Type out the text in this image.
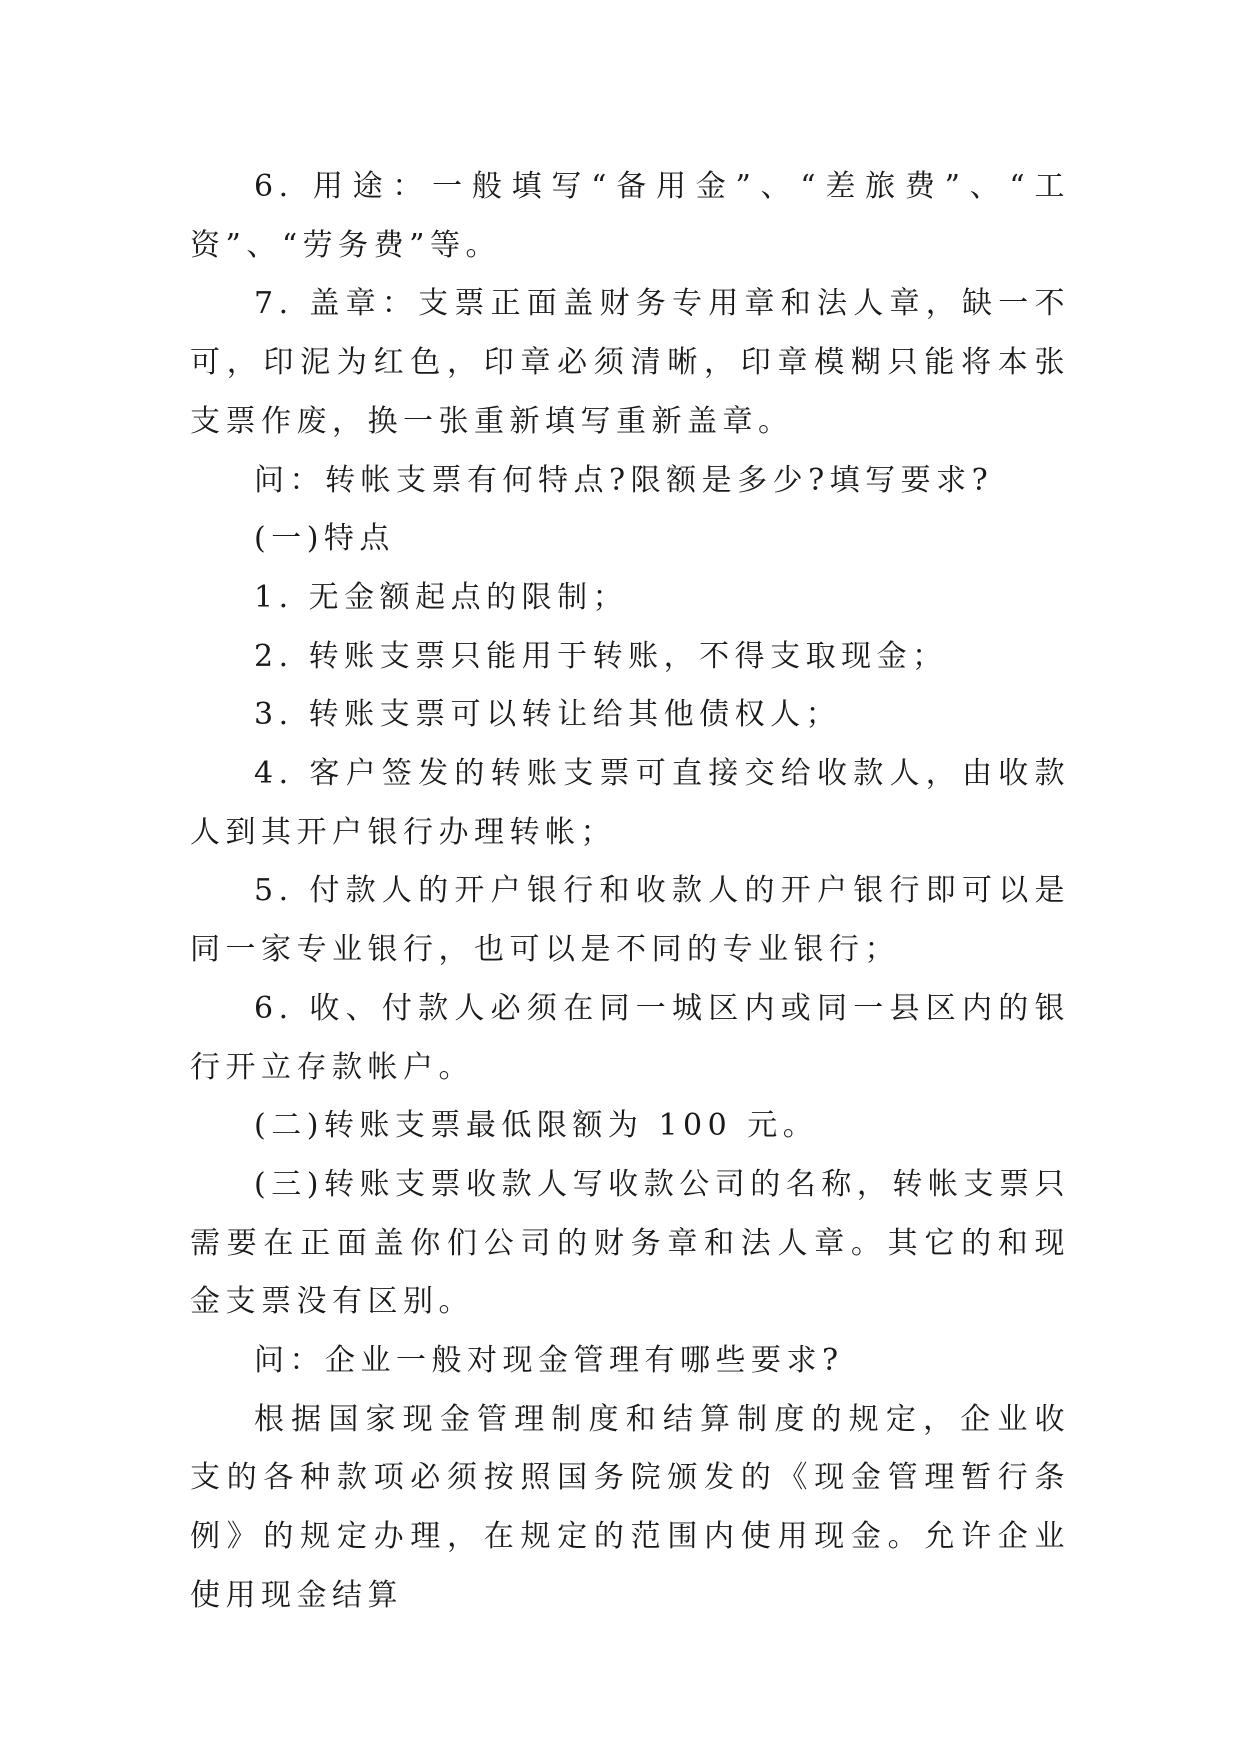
6. 用途：一般填写“备用金”、“差旅费”、“工资”、“劳务费”等。

7. 盖章：支票正面盖财务专用章和法人章，缺一不可，印泥为红色，印章必须清晰，印章模糊只能将本张支票作废，换一张重新填写重新盖章。

问：转帐支票有何特点?限额是多少?填写要求?

(一)特点

1. 无金额起点的限制；

2. 转账支票只能用于转账，不得支取现金；

3. 转账支票可以转让给其他债权人；

4. 客户签发的转账支票可直接交给收款人，由收款人到其开户银行办理转帐；

5. 付款人的开户银行和收款人的开户银行即可以是同一家专业银行，也可以是不同的专业银行；

6. 收、付款人必须在同一城区内或同一县区内的银行开立存款帐户。

(二)转账支票最低限额为 100 元。

(三)转账支票收款人写收款公司的名称，转帐支票只需要在正面盖你们公司的财务章和法人章。其它的和现金支票没有区别。

问：企业一般对现金管理有哪些要求?

根据国家现金管理制度和结算制度的规定，企业收支的各种款项必须按照国务院颁发的《现金管理暂行条例》的规定办理，在规定的范围内使用现金。允许企业使用现金结算
